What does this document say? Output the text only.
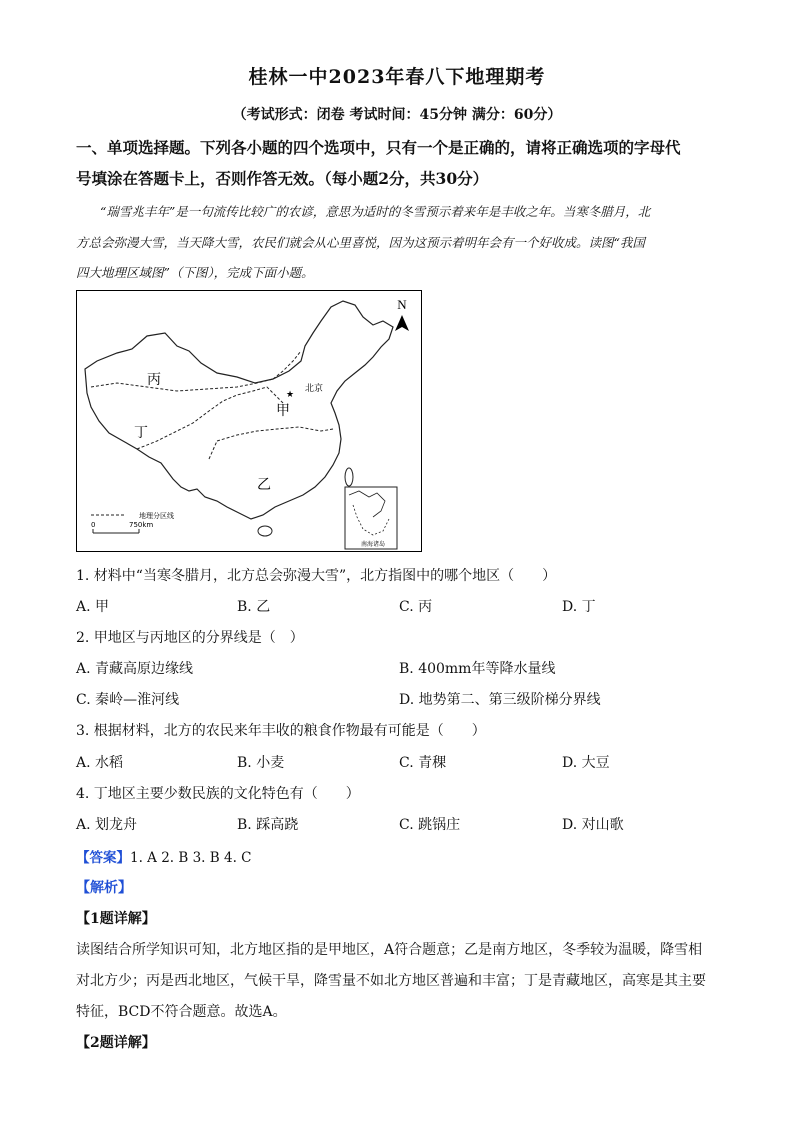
桂林一中2023年春八下地理期考
（考试形式：闭卷 考试时间：45分钟 满分：60分）
一、单项选择题。下列各小题的四个选项中，只有一个是正确的，请将正确选项的字母代
号填涂在答题卡上，否则作答无效。（每小题2分，共30分）
“瑞雪兆丰年”是一句流传比较广的农谚，意思为适时的冬雪预示着来年是丰收之年。当寒冬腊月，北
方总会弥漫大雪，当天降大雪，农民们就会从心里喜悦，因为这预示着明年会有一个好收成。读图“我国
四大地理区域图”（下图），完成下面小题。
N
★
北京
甲
乙
丙
丁
地理分区线
0	750km
南海诸岛
1. 材料中“当寒冬腊月，北方总会弥漫大雪”，北方指图中的哪个地区（　　）
A. 甲	B. 乙	C. 丙	D. 丁
2. 甲地区与丙地区的分界线是（　）
A. 青藏高原边缘线	B. 400mm年等降水量线
C. 秦岭—淮河线	D. 地势第二、第三级阶梯分界线
3. 根据材料，北方的农民来年丰收的粮食作物最有可能是（　　）
A. 水稻	B. 小麦	C. 青稞	D. 大豆
4. 丁地区主要少数民族的文化特色有（　　）
A. 划龙舟	B. 踩高跷	C. 跳锅庄	D. 对山歌
【答案】1. A 2. B 3. B 4. C
【解析】
【1题详解】
读图结合所学知识可知，北方地区指的是甲地区，A符合题意；乙是南方地区，冬季较为温暖，降雪相
对北方少；丙是西北地区，气候干旱，降雪量不如北方地区普遍和丰富；丁是青藏地区，高寒是其主要
特征，BCD不符合题意。故选A。
【2题详解】
